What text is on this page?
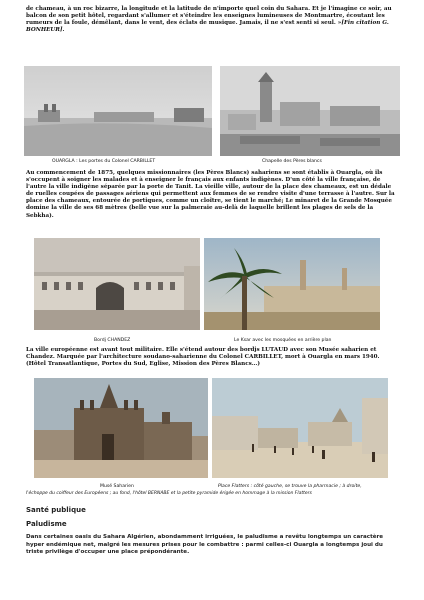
de chameau, à un roc bizarre, la longitude et la latitude de n'importe quel coin du Sahara. Et je l'imagine ce soir, au balcon de son petit hôtel, regardant s'allumer et s'éteindre les enseignes lumineuses de Montmartre, écoutant les rumeurs de la foule, démêlant, dans le vent, des éclats de musique. Jamais, il ne s'est senti si seul. »[Fin citation G. BONHEUR].
OUARGLA : Les portes du Colonel CARBILLET	Chapelle des Pères blancs
Au commencement de 1875, quelques missionnaires (les Pères Blancs) sahariens se sont établis à Ouargla, où ils s'occupent à soigner les malades et à enseigner le français aux enfants indigènes. D'un côté la ville française, de l'autre la ville indigène séparée par la porte de Tanit. La vieille ville, autour de la place des chameaux, est un dédale de ruelles coupées de passages aériens qui permettent aux femmes de se rendre visite d'une terrasse à l'autre. Sur la place des chameaux, entourée de portiques, comme un cloître, se tient le marché; Le minaret de la Grande Mosquée domine la ville de ses 68 mètres (belle vue sur la palmeraie au-delà de laquelle brillent les plages de sels de la Sebkha).
Bordj CHANDEZ	Le Ksar avec les mosquées en arrière plan
La ville européenne est avant tout militaire. Elle s'étend autour des bordjs LUTAUD avec son Musée saharien et Chandez. Marquée par l'architecture soudano-saharienne du Colonel CARBILLET, mort à Ouargla en mars 1940. (Hôtel Transatlantique, Portes du Sud, Eglise, Mission des Pères Blancs…)
Musé Saharien	Place Flatters : côté gauche, se trouve la pharmacie ; à droite,
l'échoppe du coiffeur des Européens ; au fond, l'hôtel BERNABE et la petite pyramide érigée en hommage à la mission Flatters
Santé publique
Paludisme
Dans certaines oasis du Sahara Algérien, abondamment irriguées, le paludisme a revêtu longtemps un caractère hyper endémique net, malgré les mesures prises pour le combattre : parmi celles-ci Ouargla a longtemps joui du triste privilège d'occuper une place prépondérante.
